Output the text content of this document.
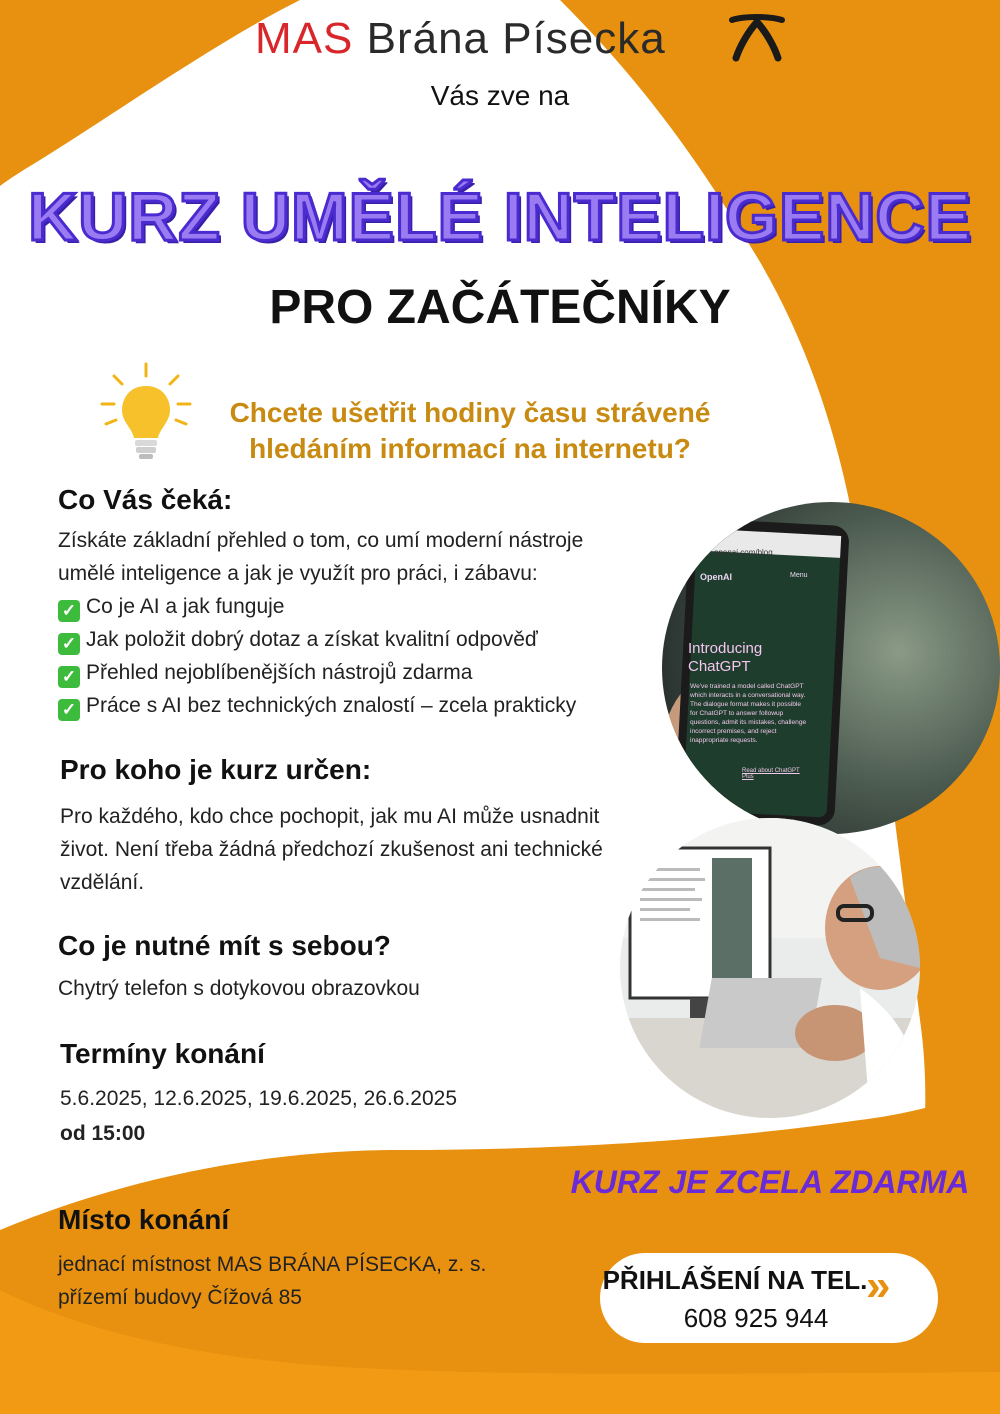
MAS Brána Písecka
Vás zve na
KURZ UMĚLÉ INTELIGENCE
PRO ZAČÁTEČNÍKY
Chcete ušetřit hodiny času strávené
hledáním informací na internetu?
Co Vás čeká:
Získáte základní přehled o tom, co umí moderní nástroje
umělé inteligence a jak je využít pro práci, i zábavu:
✓ Co je AI a jak funguje
✓ Jak položit dobrý dotaz a získat kvalitní odpověď
✓ Přehled nejoblíbenějších nástrojů zdarma
✓ Práce s AI bez technických znalostí – zcela prakticky
Pro koho je kurz určen:
Pro každého, kdo chce pochopit, jak mu AI může usnadnit
život. Není třeba žádná předchozí zkušenost ani technické
vzdělání.
Co je nutné mít s sebou?
Chytrý telefon s dotykovou obrazovkou
Termíny konání
5.6.2025, 12.6.2025, 19.6.2025, 26.6.2025
od 15:00
Místo konání
jednací místnost MAS BRÁNA PÍSECKA, z. s.
přízemí budovy Čížová 85
openai.com/blog
OpenAI	Menu
Introducing
ChatGPT
We've trained a model called ChatGPT which interacts in a conversational way. The dialogue format makes it possible for ChatGPT to answer followup questions, admit its mistakes, challenge incorrect premises, and reject inappropriate requests.
Read about ChatGPT Plus
KURZ JE ZCELA ZDARMA
PŘIHLÁŠENÍ NA TEL.
»
608 925 944
